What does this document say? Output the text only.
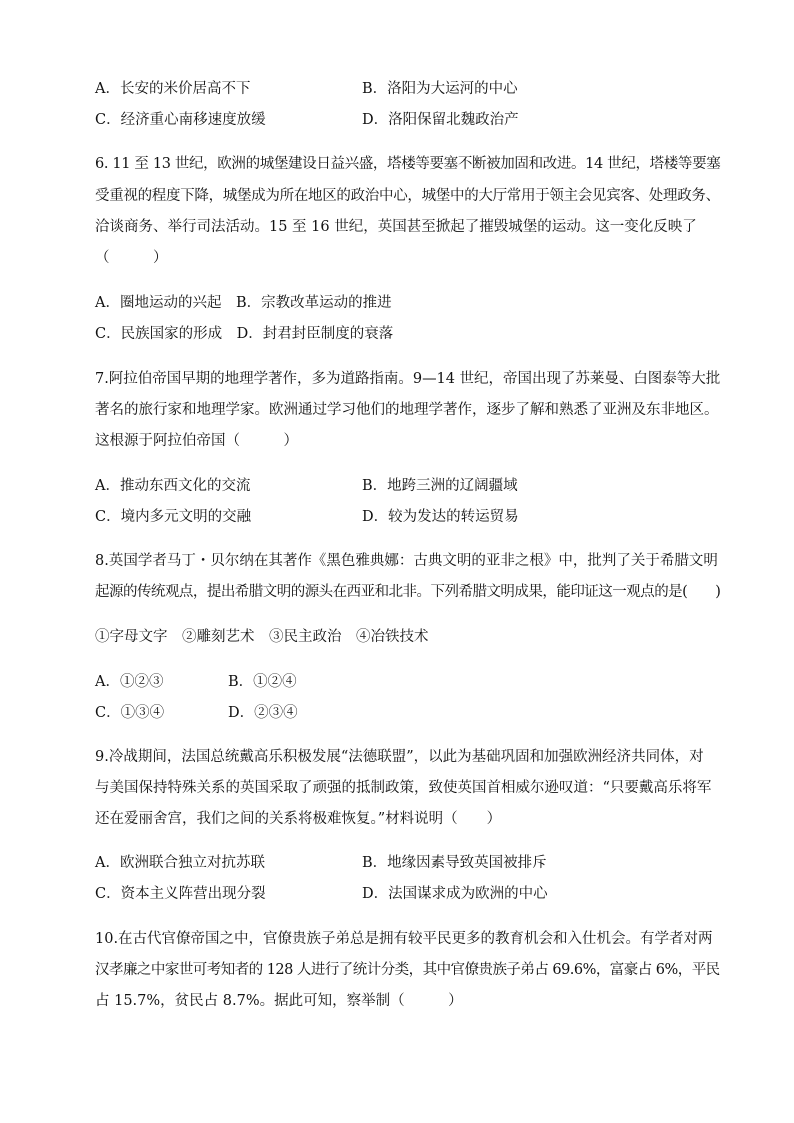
A．长安的米价居高不下	B．洛阳为大运河的中心
C．经济重心南移速度放缓	D．洛阳保留北魏政治产
6. 11 至 13 世纪，欧洲的城堡建设日益兴盛，塔楼等要塞不断被加固和改进。14 世纪，塔楼等要塞
受重视的程度下降，城堡成为所在地区的政治中心，城堡中的大厅常用于领主会见宾客、处理政务、
洽谈商务、举行司法活动。15 至 16 世纪，英国甚至掀起了摧毁城堡的运动。这一变化反映了
（　　　）
A．圈地运动的兴起　B．宗教改革运动的推进
C．民族国家的形成　D．封君封臣制度的衰落
7.阿拉伯帝国早期的地理学著作，多为道路指南。9—14 世纪，帝国出现了苏莱曼、白图泰等大批
著名的旅行家和地理学家。欧洲通过学习他们的地理学著作，逐步了解和熟悉了亚洲及东非地区。
这根源于阿拉伯帝国（　　　）
A．推动东西文化的交流	B．地跨三洲的辽阔疆域
C．境内多元文明的交融	D．较为发达的转运贸易
8.英国学者马丁・贝尔纳在其著作《黑色雅典娜：古典文明的亚非之根》中，批判了关于希腊文明
起源的传统观点，提出希腊文明的源头在西亚和北非。下列希腊文明成果，能印证这一观点的是(　　)
①字母文字　②雕刻艺术　③民主政治　④冶铁技术
A．①②③	B．①②④
C．①③④	D．②③④
9.冷战期间，法国总统戴高乐积极发展“法德联盟”，以此为基础巩固和加强欧洲经济共同体，对
与美国保持特殊关系的英国采取了顽强的抵制政策，致使英国首相威尔逊叹道：“只要戴高乐将军
还在爱丽舍宫，我们之间的关系将极难恢复。”材料说明（　　）
A．欧洲联合独立对抗苏联	B．地缘因素导致英国被排斥
C．资本主义阵营出现分裂	D．法国谋求成为欧洲的中心
10.在古代官僚帝国之中，官僚贵族子弟总是拥有较平民更多的教育机会和入仕机会。有学者对两
汉孝廉之中家世可考知者的 128 人进行了统计分类，其中官僚贵族子弟占 69.6%，富豪占 6%，平民
占 15.7%，贫民占 8.7%。据此可知，察举制（　　　）
